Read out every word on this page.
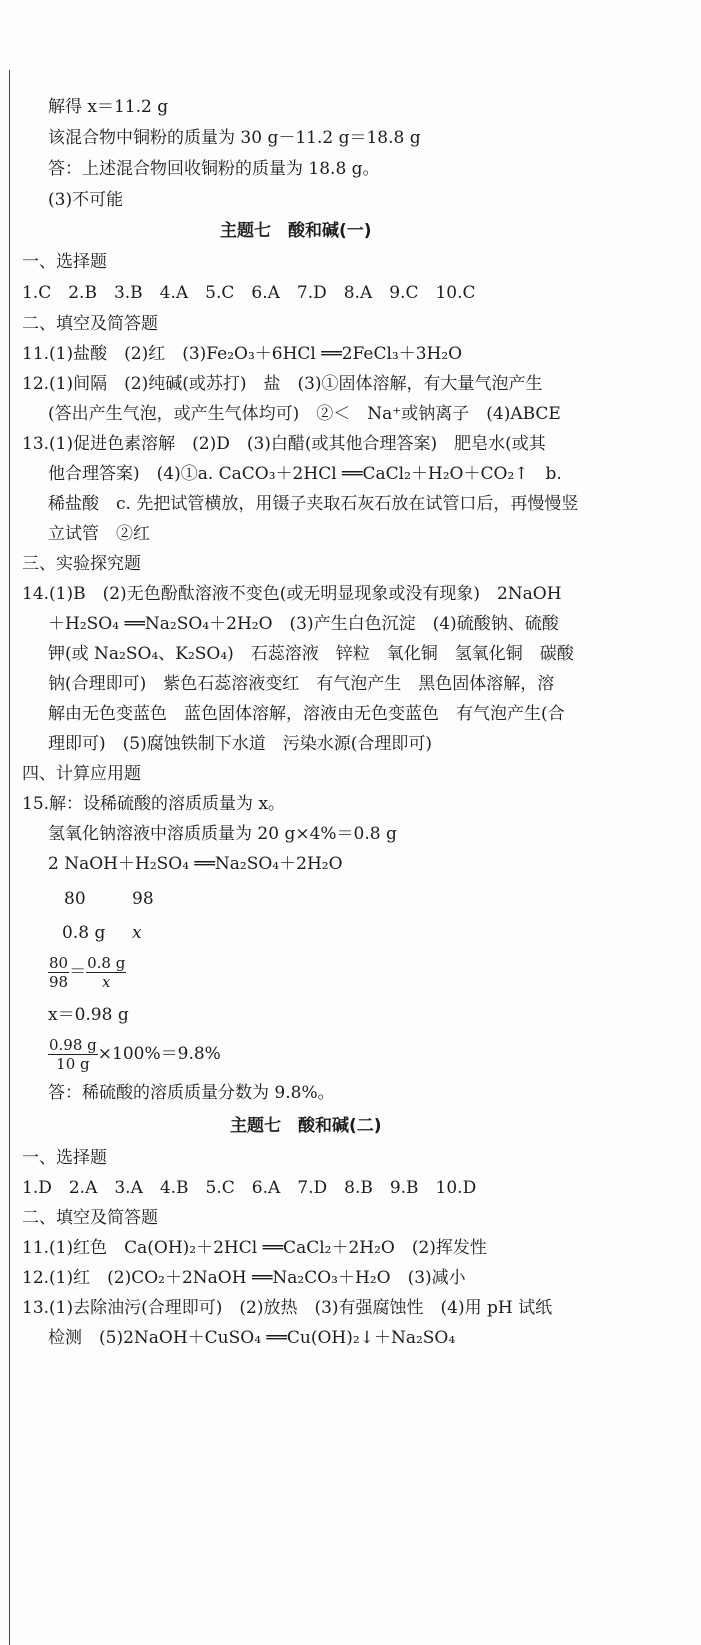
解得 x＝11.2 g
该混合物中铜粉的质量为 30 g－11.2 g＝18.8 g
答：上述混合物回收铜粉的质量为 18.8 g。
(3)不可能
主题七　酸和碱(一)
一、选择题
1.C　2.B　3.B　4.A　5.C　6.A　7.D　8.A　9.C　10.C
二、填空及简答题
11.(1)盐酸　(2)红　(3)Fe₂O₃＋6HCl ══2FeCl₃＋3H₂O
12.(1)间隔　(2)纯碱(或苏打)　盐　(3)①固体溶解，有大量气泡产生
(答出产生气泡，或产生气体均可)　②＜　Na⁺或钠离子　(4)ABCE
13.(1)促进色素溶解　(2)D　(3)白醋(或其他合理答案)　肥皂水(或其
他合理答案)　(4)①a. CaCO₃＋2HCl ══CaCl₂＋H₂O＋CO₂↑　b.
稀盐酸　c. 先把试管横放，用镊子夹取石灰石放在试管口后，再慢慢竖
立试管　②红
三、实验探究题
14.(1)B　(2)无色酚酞溶液不变色(或无明显现象或没有现象)　2NaOH
＋H₂SO₄ ══Na₂SO₄＋2H₂O　(3)产生白色沉淀　(4)硫酸钠、硫酸
钾(或 Na₂SO₄、K₂SO₄)　石蕊溶液　锌粒　氧化铜　氢氧化铜　碳酸
钠(合理即可)　紫色石蕊溶液变红　有气泡产生　黑色固体溶解，溶
解由无色变蓝色　蓝色固体溶解，溶液由无色变蓝色　有气泡产生(合
理即可)　(5)腐蚀铁制下水道　污染水源(合理即可)
四、计算应用题
15.解：设稀硫酸的溶质质量为 x。
氢氧化钠溶液中溶质质量为 20 g×4%＝0.8 g
2 NaOH＋H₂SO₄ ══Na₂SO₄＋2H₂O
80	98
0.8 g x
$\frac{80}{98} = \frac{0.8 g}{x}$
x＝0.98 g
$\frac{0.98 g}{10 g} \times 100\%=9.8\%$
答：稀硫酸的溶质质量分数为 9.8%。
主题七　酸和碱(二)
一、选择题
1.D　2.A　3.A　4.B　5.C　6.A　7.D　8.B　9.B　10.D
二、填空及简答题
11.(1)红色　Ca(OH)₂＋2HCl ══CaCl₂＋2H₂O　(2)挥发性
12.(1)红　(2)CO₂＋2NaOH ══Na₂CO₃＋H₂O　(3)减小
13.(1)去除油污(合理即可)　(2)放热　(3)有强腐蚀性　(4)用 pH 试纸
检测　(5)2NaOH＋CuSO₄ ══Cu(OH)₂↓＋Na₂SO₄
